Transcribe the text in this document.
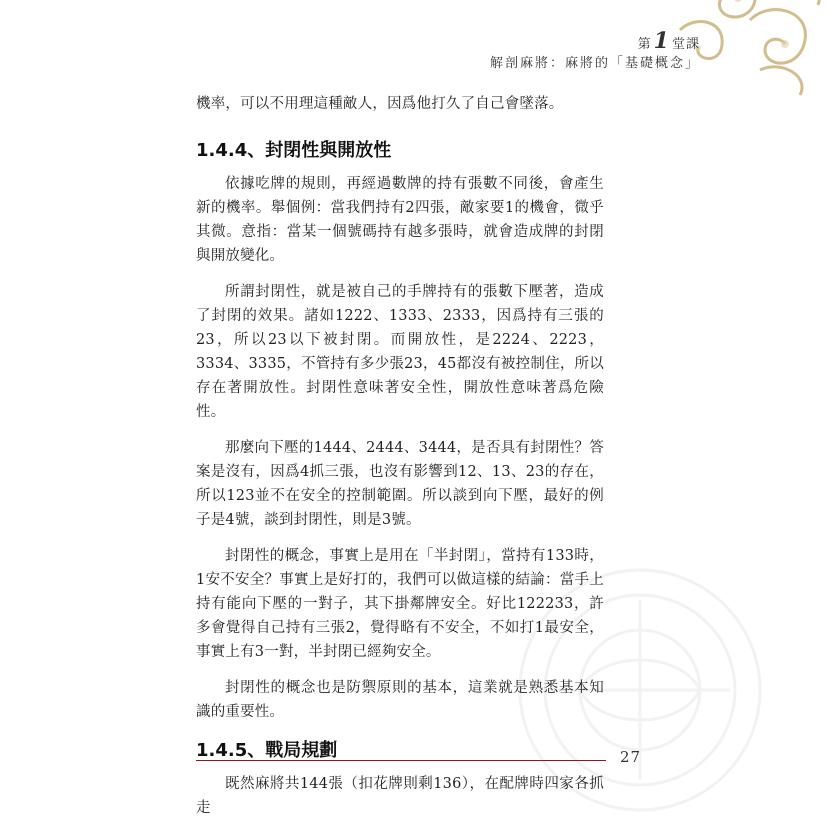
第1 堂課
解剖麻將：麻將的「基礎概念」

機率，可以不用理這種敵人，因爲他打久了自己會墜落。

1.4.4、封閉性與開放性

依據吃牌的規則，再經過數牌的持有張數不同後，會產生新的機率。舉個例：當我們持有2四張，敵家要1的機會，微乎其微。意指：當某一個號碼持有越多張時，就會造成牌的封閉與開放變化。

所謂封閉性，就是被自己的手牌持有的張數下壓著，造成了封閉的效果。諸如1222、1333、2333，因爲持有三張的23，所以23以下被封閉。而開放性，是2224、2223，3334、3335，不管持有多少張23，45都沒有被控制住，所以存在著開放性。封閉性意味著安全性，開放性意味著爲危險性。

那麼向下壓的1444、2444、3444，是否具有封閉性？答案是沒有，因爲4抓三張，也沒有影響到12、13、23的存在，所以123並不在安全的控制範圍。所以談到向下壓，最好的例子是4號，談到封閉性，則是3號。

封閉性的概念，事實上是用在「半封閉」，當持有133時，1安不安全？事實上是好打的，我們可以做這樣的結論：當手上持有能向下壓的一對子，其下掛鄰牌安全。好比122233，許多會覺得自己持有三張2，覺得略有不安全，不如打1最安全，事實上有3一對，半封閉已經夠安全。

封閉性的概念也是防禦原則的基本，這業就是熟悉基本知識的重要性。

1.4.5、戰局規劃

既然麻將共144張（扣花牌則剩136），在配牌時四家各抓走

27
